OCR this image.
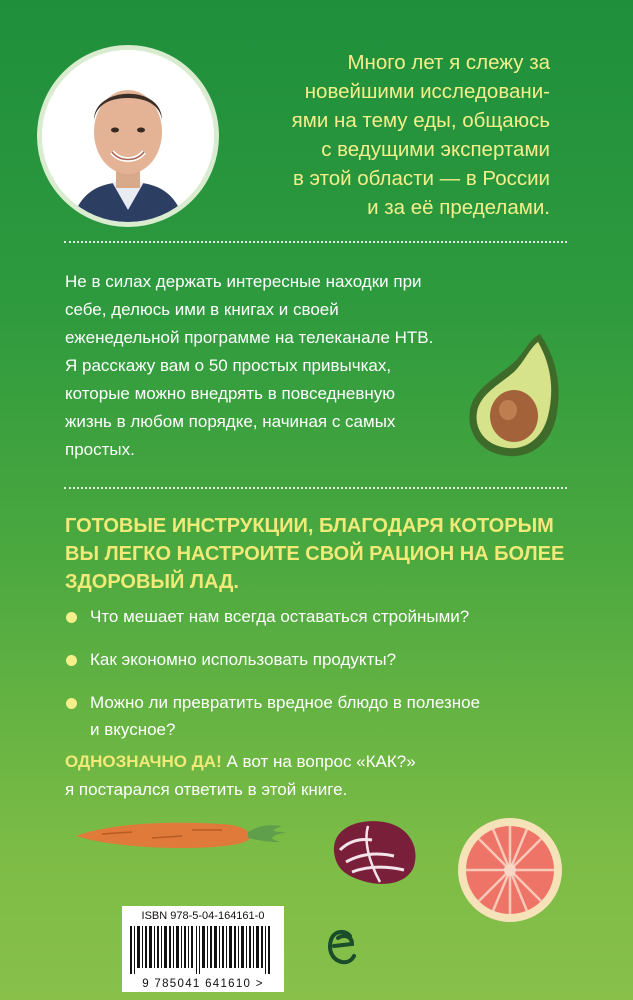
Много лет я слежу за
новейшими исследовани-
ями на тему еды, общаюсь
с ведущими экспертами
в этой области — в России
и за её пределами.
Не в силах держать интересные находки при
себе, делюсь ими в книгах и своей
еженедельной программе на телеканале НТВ.
Я расскажу вам о 50 простых привычках,
которые можно внедрять в повседневную
жизнь в любом порядке, начиная с самых
простых.
ГОТОВЫЕ ИНСТРУКЦИИ, БЛАГОДАРЯ КОТОРЫМ
ВЫ ЛЕГКО НАСТРОИТЕ СВОЙ РАЦИОН НА БОЛЕЕ
ЗДОРОВЫЙ ЛАД.
Что мешает нам всегда оставаться стройными?
Как экономно использовать продукты?
Можно ли превратить вредное блюдо в полезное
и вкусное?
ОДНОЗНАЧНО ДА! А вот на вопрос «КАК?»
я постарался ответить в этой книге.
ISBN 978-5-04-164161-0
9 785041 641610 >
